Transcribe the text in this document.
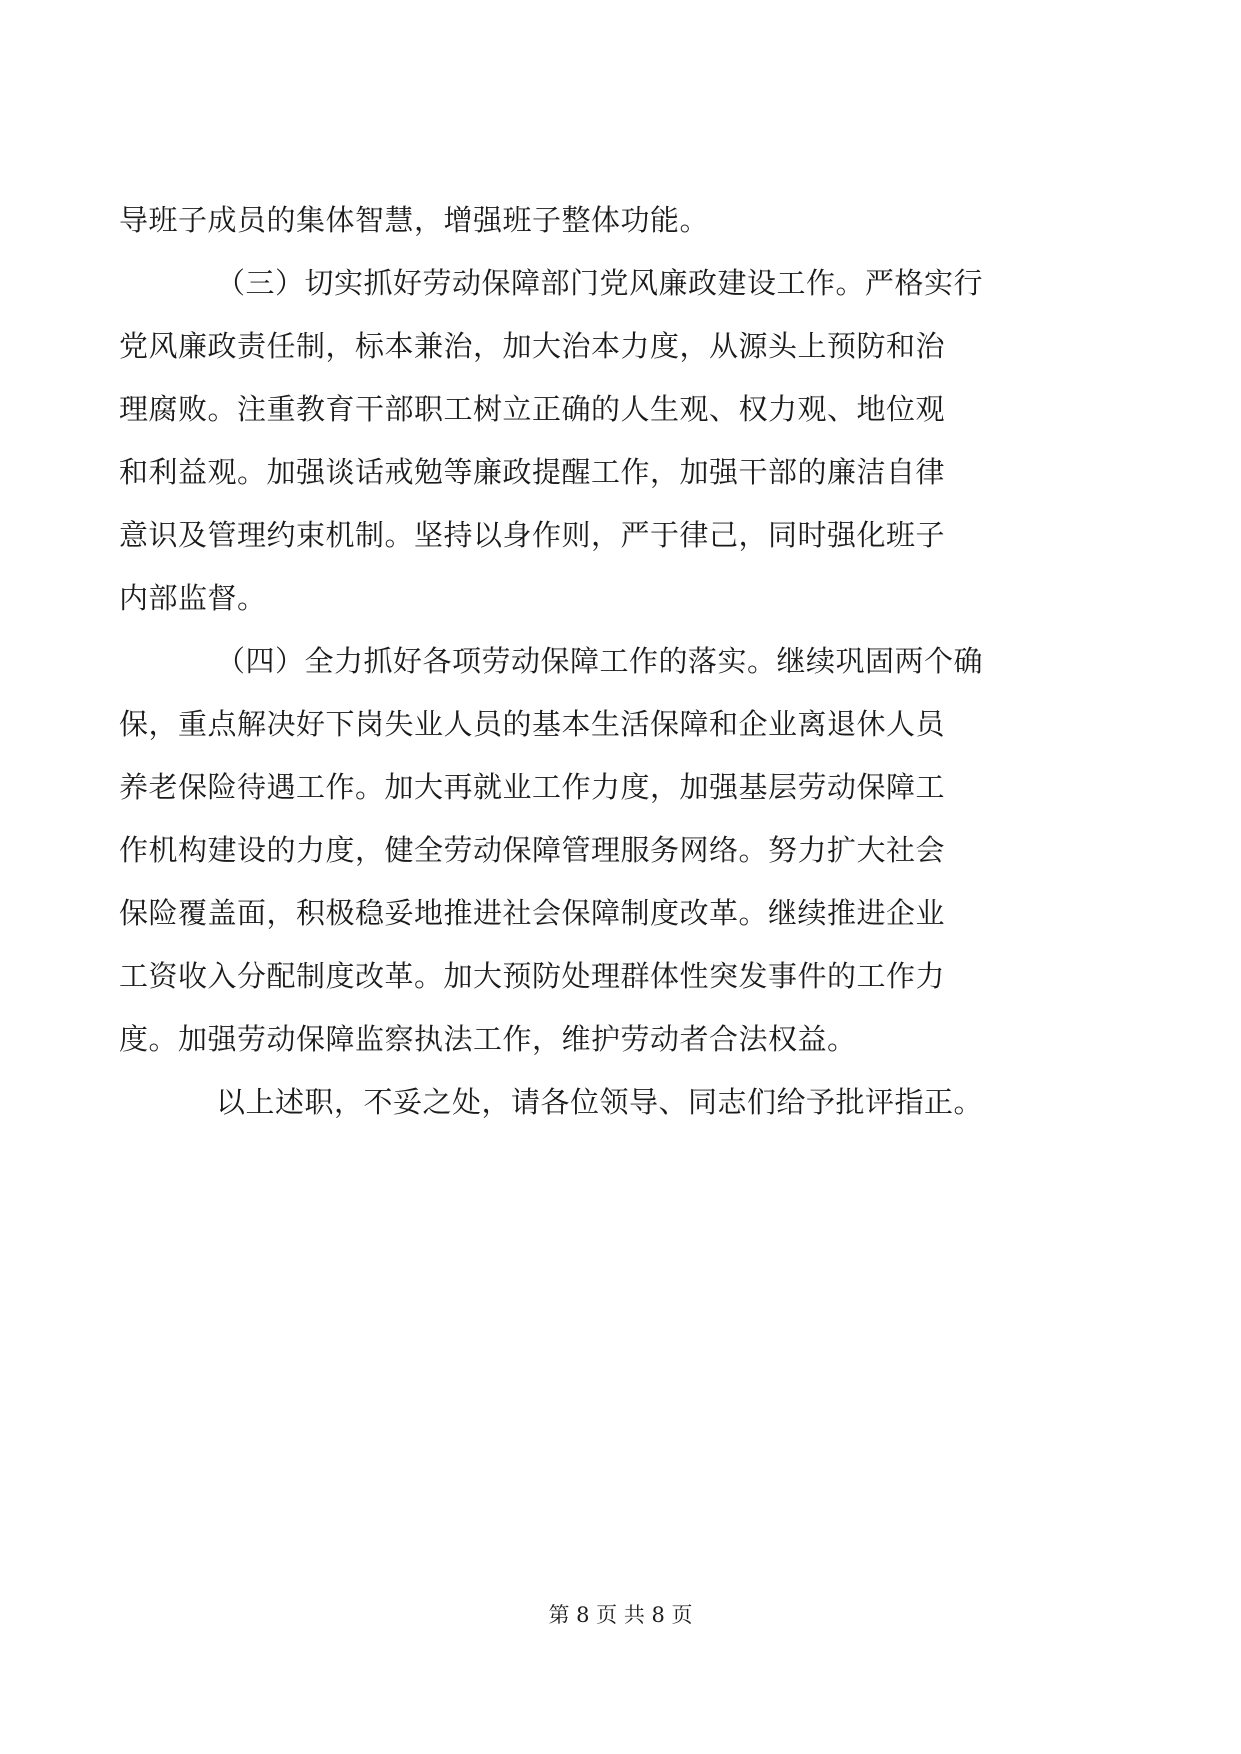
导班子成员的集体智慧，增强班子整体功能。
（三）切实抓好劳动保障部门党风廉政建设工作。严格实行
党风廉政责任制，标本兼治，加大治本力度，从源头上预防和治
理腐败。注重教育干部职工树立正确的人生观、权力观、地位观
和利益观。加强谈话戒勉等廉政提醒工作，加强干部的廉洁自律
意识及管理约束机制。坚持以身作则，严于律己，同时强化班子
内部监督。
（四）全力抓好各项劳动保障工作的落实。继续巩固两个确
保，重点解决好下岗失业人员的基本生活保障和企业离退休人员
养老保险待遇工作。加大再就业工作力度，加强基层劳动保障工
作机构建设的力度，健全劳动保障管理服务网络。努力扩大社会
保险覆盖面，积极稳妥地推进社会保障制度改革。继续推进企业
工资收入分配制度改革。加大预防处理群体性突发事件的工作力
度。加强劳动保障监察执法工作，维护劳动者合法权益。
以上述职，不妥之处，请各位领导、同志们给予批评指正。
第 8 页 共 8 页
